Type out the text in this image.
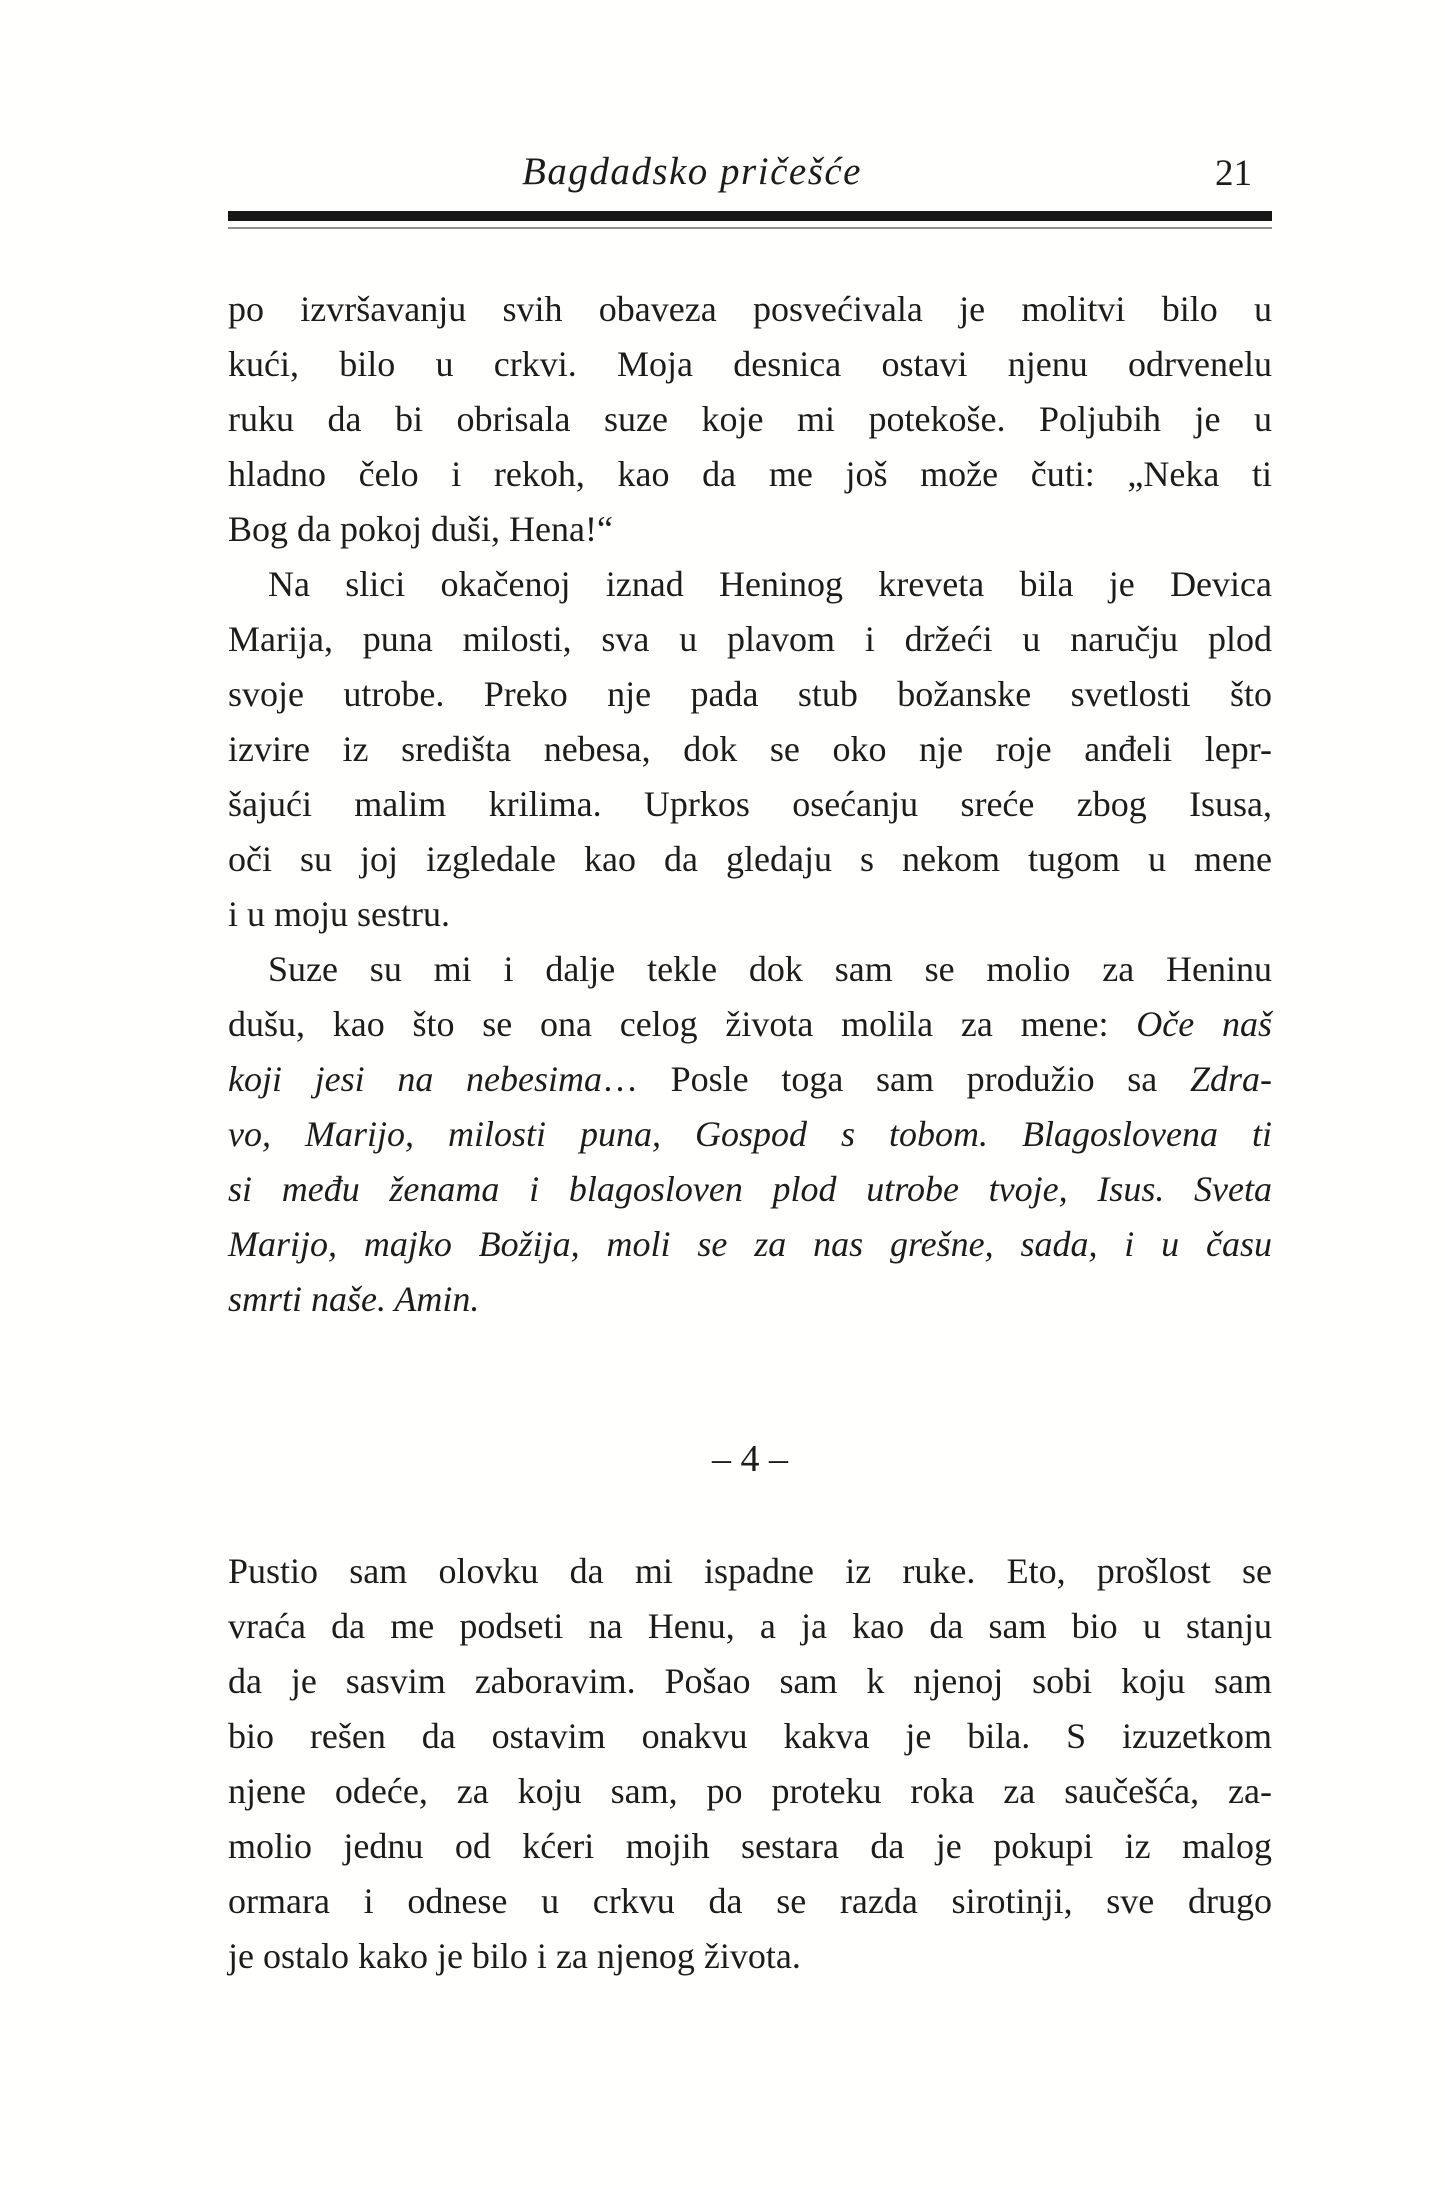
Bagdadsko pričešće	21

po izvršavanju svih obaveza posvećivala je molitvi bilo u
kući, bilo u crkvi. Moja desnica ostavi njenu odrvenelu
ruku da bi obrisala suze koje mi potekoše. Poljubih je u
hladno čelo i rekoh, kao da me još može čuti: „Neka ti
Bog da pokoj duši, Hena!“

Na slici okačenoj iznad Heninog kreveta bila je Devica
Marija, puna milosti, sva u plavom i držeći u naručju plod
svoje utrobe. Preko nje pada stub božanske svetlosti što
izvire iz središta nebesa, dok se oko nje roje anđeli lepr-
šajući malim krilima. Uprkos osećanju sreće zbog Isusa,
oči su joj izgledale kao da gledaju s nekom tugom u mene
i u moju sestru.

Suze su mi i dalje tekle dok sam se molio za Heninu
dušu, kao što se ona celog života molila za mene: Oče naš
koji jesi na nebesima… Posle toga sam produžio sa Zdra-
vo, Marijo, milosti puna, Gospod s tobom. Blagoslovena ti
si među ženama i blagosloven plod utrobe tvoje, Isus. Sveta
Marijo, majko Božija, moli se za nas grešne, sada, i u času
smrti naše. Amin.

– 4 –

Pustio sam olovku da mi ispadne iz ruke. Eto, prošlost se
vraća da me podseti na Henu, a ja kao da sam bio u stanju
da je sasvim zaboravim. Pošao sam k njenoj sobi koju sam
bio rešen da ostavim onakvu kakva je bila. S izuzetkom
njene odeće, za koju sam, po proteku roka za saučešća, za-
molio jednu od kćeri mojih sestara da je pokupi iz malog
ormara i odnese u crkvu da se razda sirotinji, sve drugo
je ostalo kako je bilo i za njenog života.
